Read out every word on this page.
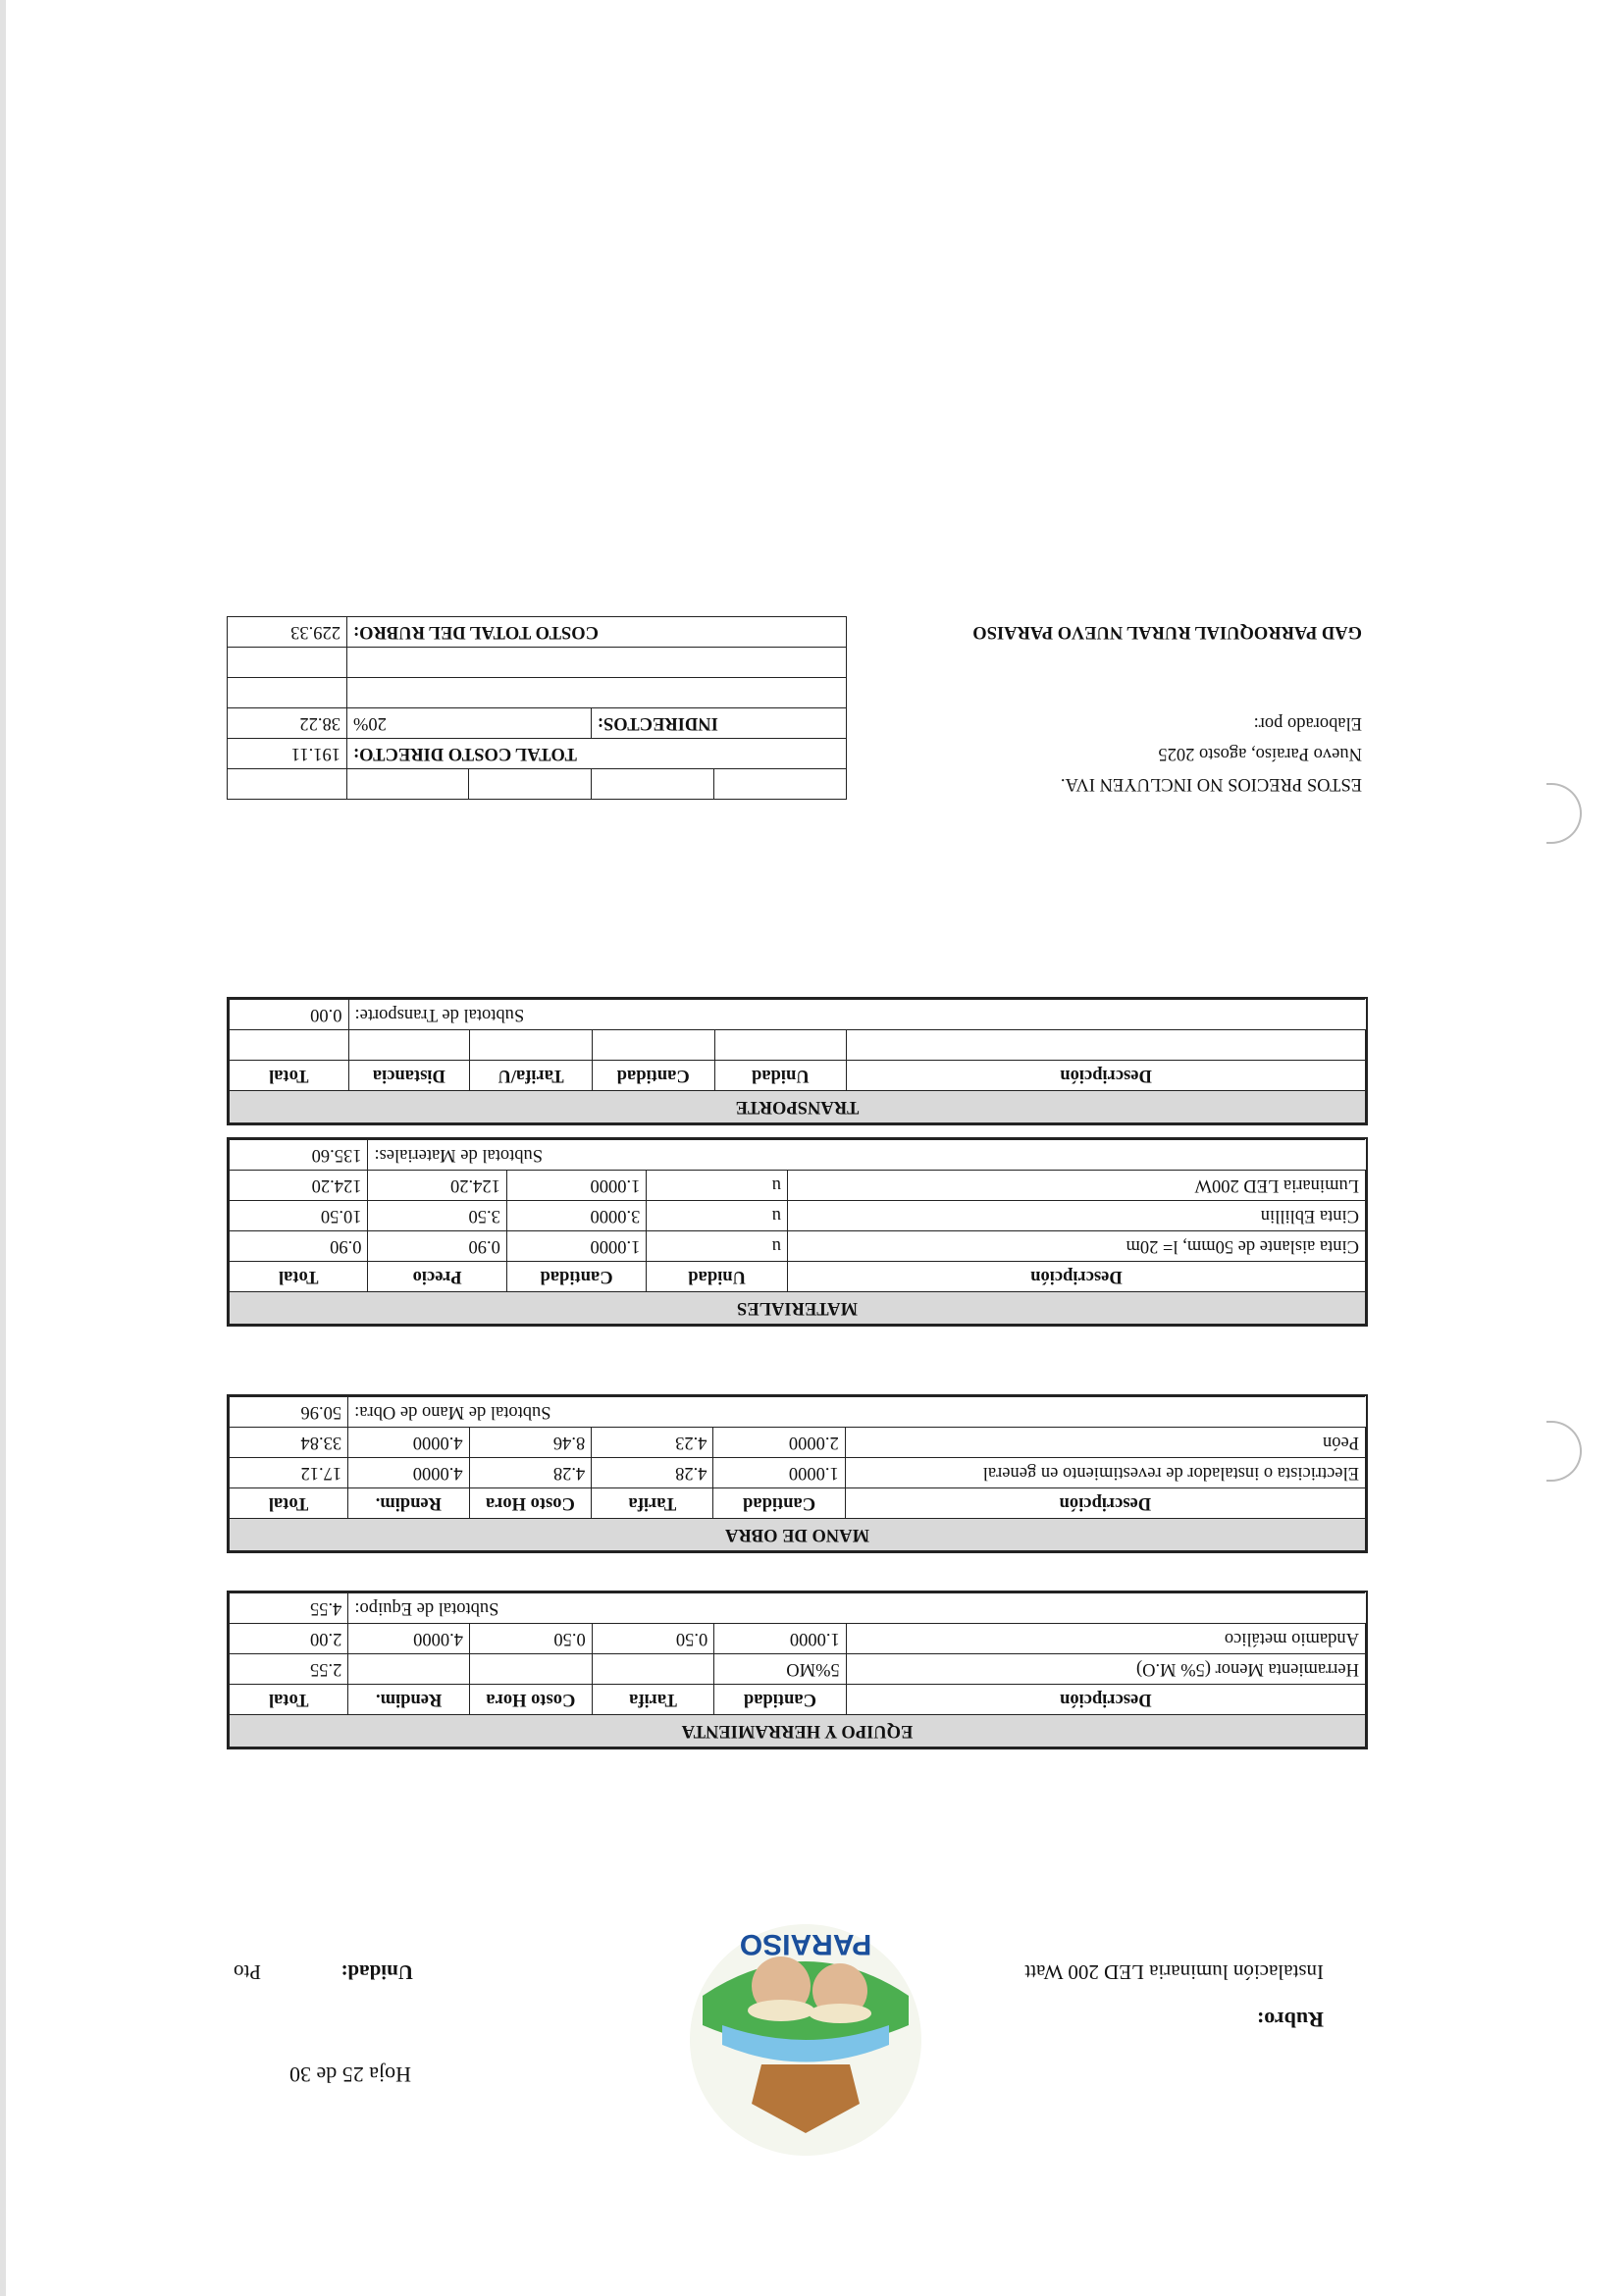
PARAISO
Hoja 25 de 30
Rubro:
Instalación luminaria LED 200 Watt
Unidad:
Pto
EQUIPO Y HERRAMIENTA					
Descripción	Cantidad	Tarifa	Costo Hora	Rendim.	Total
Herramienta Menor (5% M.O)	5%MO				2.55
Andamio metálico	1.0000	0.50	0.50	4.0000	2.00
Subtotal de Equipo:					4.55
MANO DE OBRA					
Descripción	Cantidad	Tarifa	Costo Hora	Rendim.	Total
Electricista o instalador de revestimiento en general	1.0000	4.28	4.28	4.0000	17.12
Peón	2.0000	4.23	8.46	4.0000	33.84
Subtotal de Mano de Obra:					50.96
MATERIALES				
Descripción	Unidad	Cantidad	Precio	Total
Cinta aislante de 50mm, l= 20m	u	1.0000	0.90	0.90
Cinta Eblillin	u	3.0000	3.50	10.50
Luminaria LED 200W	u	1.0000	124.20	124.20
Subtotal de Materiales:				135.60
TRANSPORTE					
Descripción	Unidad	Cantidad	Tarifa/U	Distancia	Total

Subtotal de Transporte:					0.00
ESTOS PRECIOS NO INCLUYEN IVA.					
Nuevo Paraíso, agosto 2025	TOTAL COSTO DIRECTO:				191.11
Elaborado por:	INDIRECTOS:		20%		38.22

GAD PARROQUIAL RURAL NUEVO PARAISO	COSTO TOTAL DEL RUBRO:				229.33
